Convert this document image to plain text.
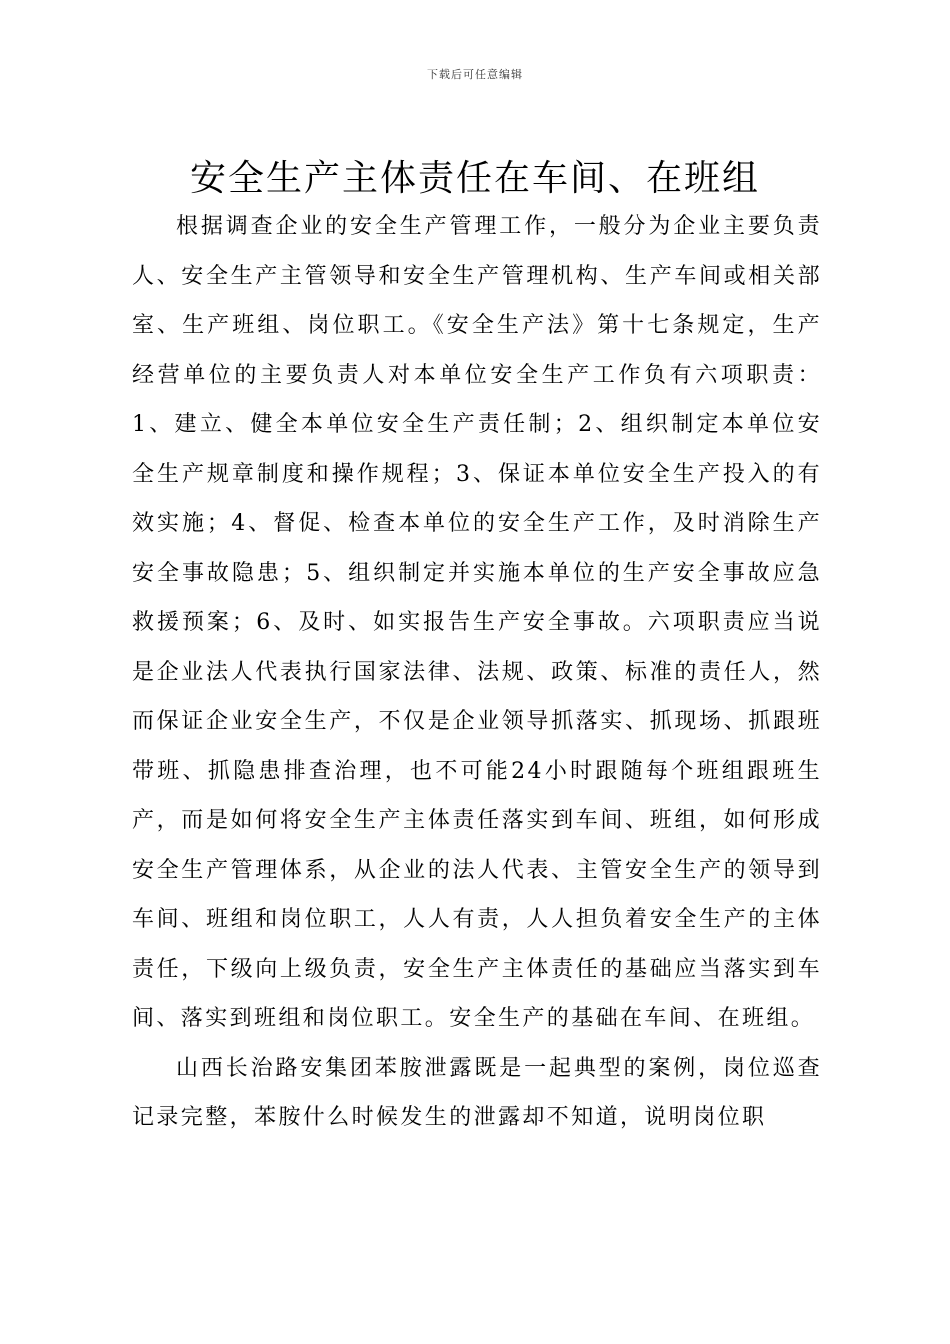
下载后可任意编辑
安全生产主体责任在车间、在班组

根据调查企业的安全生产管理工作，一般分为企业主要负责人、安全生产主管领导和安全生产管理机构、生产车间或相关部室、生产班组、岗位职工。《安全生产法》第十七条规定，生产经营单位的主要负责人对本单位安全生产工作负有六项职责：1、建立、健全本单位安全生产责任制；2、组织制定本单位安全生产规章制度和操作规程；3、保证本单位安全生产投入的有效实施；4、督促、检查本单位的安全生产工作，及时消除生产安全事故隐患；5、组织制定并实施本单位的生产安全事故应急救援预案；6、及时、如实报告生产安全事故。六项职责应当说是企业法人代表执行国家法律、法规、政策、标准的责任人，然而保证企业安全生产，不仅是企业领导抓落实、抓现场、抓跟班带班、抓隐患排查治理，也不可能24小时跟随每个班组跟班生产，而是如何将安全生产主体责任落实到车间、班组，如何形成安全生产管理体系，从企业的法人代表、主管安全生产的领导到车间、班组和岗位职工，人人有责，人人担负着安全生产的主体责任，下级向上级负责，安全生产主体责任的基础应当落实到车间、落实到班组和岗位职工。安全生产的基础在车间、在班组。

山西长治路安集团苯胺泄露既是一起典型的案例，岗位巡查记录完整，苯胺什么时候发生的泄露却不知道，说明岗位职
